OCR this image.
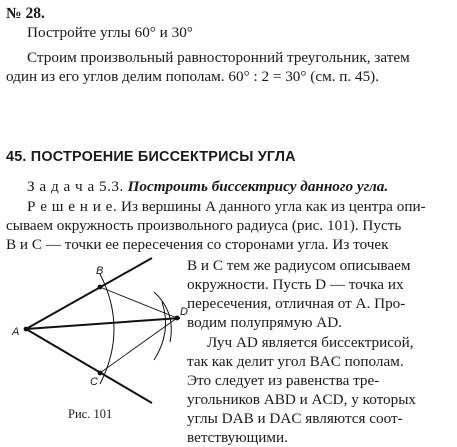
№ 28.
Постройте углы 60° и 30°
Строим произвольный равносторонний треугольник, затем
один из его углов делим пополам. 60° : 2 = 30° (см. п. 45).
45. ПОСТРОЕНИЕ БИССЕКТРИСЫ УГЛА
З а д а ч а 5.3. Построить биссектрису данного угла.
Р е ш е н и е. Из вершины A данного угла как из центра опи-
сываем окружность произвольного радиуса (рис. 101). Пусть
B и C — точки ее пересечения со сторонами угла. Из точек
B и C тем же радиусом описываем
окружности. Пусть D — точка их
пересечения, отличная от A. Про-
водим полупрямую AD.
Луч AD является биссектрисой,
так как делит угол BAC пополам.
Это следует из равенства тре-
угольников ABD и ACD, у которых
углы DAB и DAC являются соот-
ветствующими.
A
B
C
D
Рис. 101
